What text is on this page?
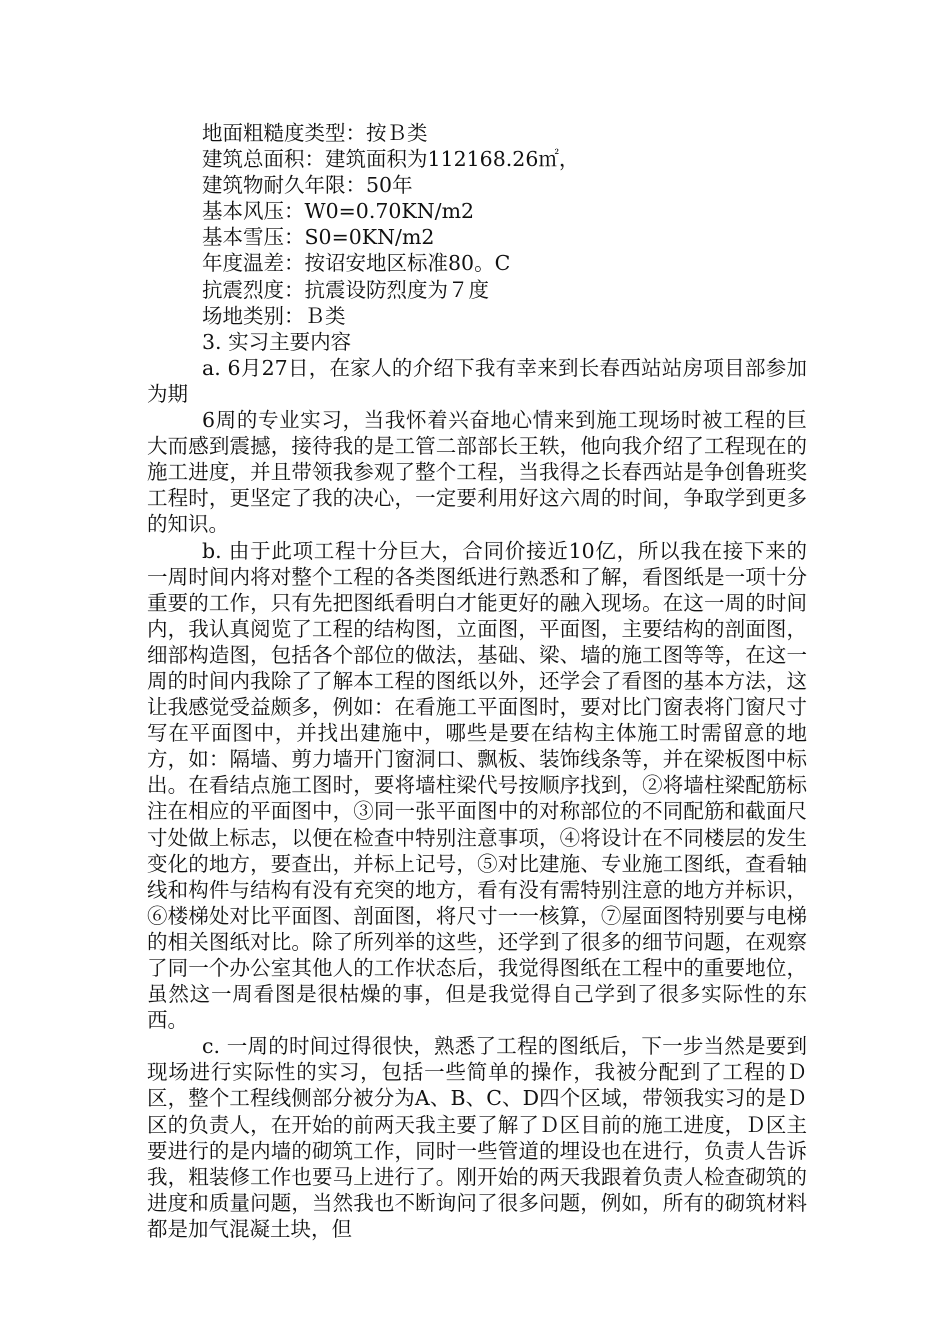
地面粗糙度类型：按Ｂ类
建筑总面积：建筑面积为112168.26㎡，
建筑物耐久年限：50年
基本风压：W0=0.70KN/m2
基本雪压：S0=0KN/m2
年度温差：按诏安地区标准80。C
抗震烈度：抗震设防烈度为７度
场地类别：Ｂ类
3. 实习主要内容

a. 6月27日，在家人的介绍下我有幸来到长春西站站房项目部参加为期

6周的专业实习，当我怀着兴奋地心情来到施工现场时被工程的巨大而感到震撼，接待我的是工管二部部长王轶，他向我介绍了工程现在的施工进度，并且带领我参观了整个工程，当我得之长春西站是争创鲁班奖工程时，更坚定了我的决心，一定要利用好这六周的时间，争取学到更多的知识。

b. 由于此项工程十分巨大，合同价接近10亿，所以我在接下来的一周时间内将对整个工程的各类图纸进行熟悉和了解，看图纸是一项十分重要的工作，只有先把图纸看明白才能更好的融入现场。在这一周的时间内，我认真阅览了工程的结构图，立面图，平面图，主要结构的剖面图，细部构造图，包括各个部位的做法，基础、梁、墙的施工图等等，在这一周的时间内我除了了解本工程的图纸以外，还学会了看图的基本方法，这让我感觉受益颇多，例如：在看施工平面图时，要对比门窗表将门窗尺寸写在平面图中，并找出建施中，哪些是要在结构主体施工时需留意的地方，如：隔墙、剪力墙开门窗洞口、飘板、装饰线条等，并在梁板图中标出。在看结点施工图时，要将墙柱梁代号按顺序找到，②将墙柱梁配筋标注在相应的平面图中，③同一张平面图中的对称部位的不同配筋和截面尺寸处做上标志，以便在检查中特别注意事项，④将设计在不同楼层的发生变化的地方，要查出，并标上记号，⑤对比建施、专业施工图纸，查看轴线和构件与结构有没有充突的地方，看有没有需特别注意的地方并标识，⑥楼梯处对比平面图、剖面图，将尺寸一一核算，⑦屋面图特别要与电梯的相关图纸对比。除了所列举的这些，还学到了很多的细节问题，在观察了同一个办公室其他人的工作状态后，我觉得图纸在工程中的重要地位，虽然这一周看图是很枯燥的事，但是我觉得自己学到了很多实际性的东西。

c. 一周的时间过得很快，熟悉了工程的图纸后，下一步当然是要到现场进行实际性的实习，包括一些简单的操作，我被分配到了工程的Ｄ区，整个工程线侧部分被分为A、B、C、D四个区域，带领我实习的是Ｄ区的负责人，在开始的前两天我主要了解了Ｄ区目前的施工进度，Ｄ区主要进行的是内墙的砌筑工作，同时一些管道的埋设也在进行，负责人告诉我，粗装修工作也要马上进行了。刚开始的两天我跟着负责人检查砌筑的进度和质量问题，当然我也不断询问了很多问题，例如，所有的砌筑材料都是加气混凝土块，但
